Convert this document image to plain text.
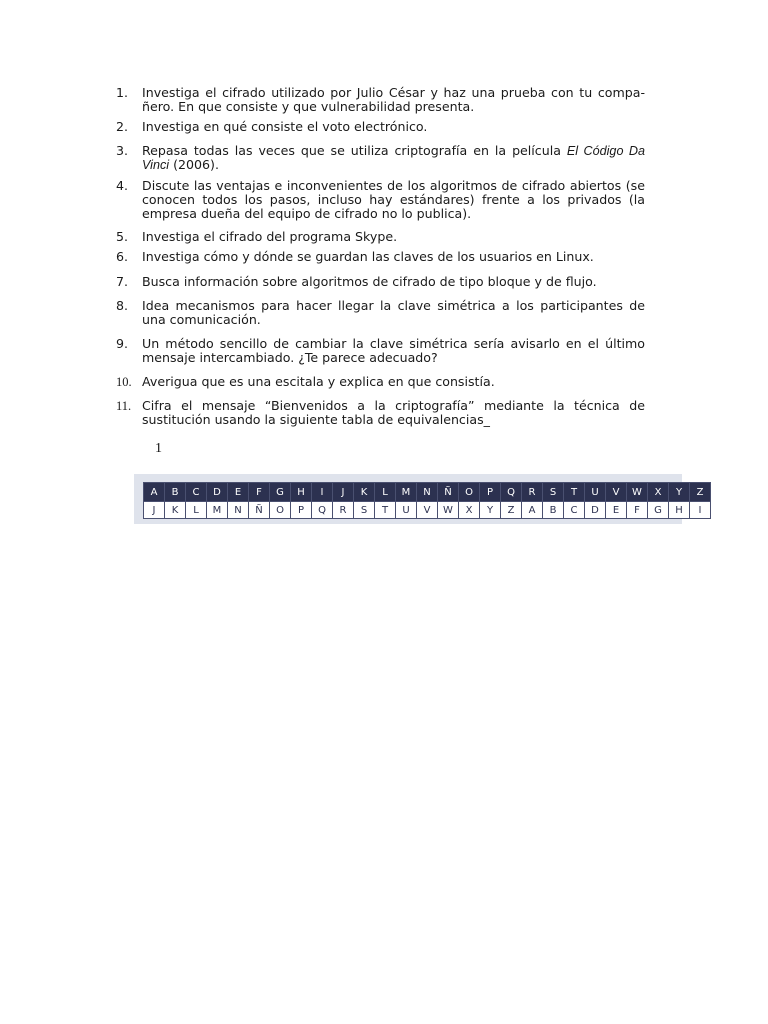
1.	Investiga el cifrado utilizado por Julio César y haz una prueba con tu compa-ñero. En que consiste y que vulnerabilidad presenta.
2.	Investiga en qué consiste el voto electrónico.
3.	Repasa todas las veces que se utiliza criptografía en la película El Código Da Vinci (2006).
4.	Discute las ventajas e inconvenientes de los algoritmos de cifrado abiertos (se conocen todos los pasos, incluso hay estándares) frente a los privados (la empresa dueña del equipo de cifrado no lo publica).
5.	Investiga el cifrado del programa Skype.
6.	Investiga cómo y dónde se guardan las claves de los usuarios en Linux.
7.	Busca información sobre algoritmos de cifrado de tipo bloque y de flujo.
8.	Idea mecanismos para hacer llegar la clave simétrica a los participantes de una comunicación.
9.	Un método sencillo de cambiar la clave simétrica sería avisarlo en el último mensaje intercambiado. ¿Te parece adecuado?
10. Averigua que es una escitala y explica en que consistía.
11. Cifra el mensaje “Bienvenidos a la criptografía” mediante la técnica de sustitución usando la siguiente tabla de equivalencias_
1
A	B	C	D	E	F	G	H	I	J	K	L	M	N	Ñ	O	P	Q	R	S	T	U	V	W	X	Y	Z
J	K	L	M	N	Ñ	O	P	Q	R	S	T	U	V	W	X	Y	Z	A	B	C	D	E	F	G	H	I
